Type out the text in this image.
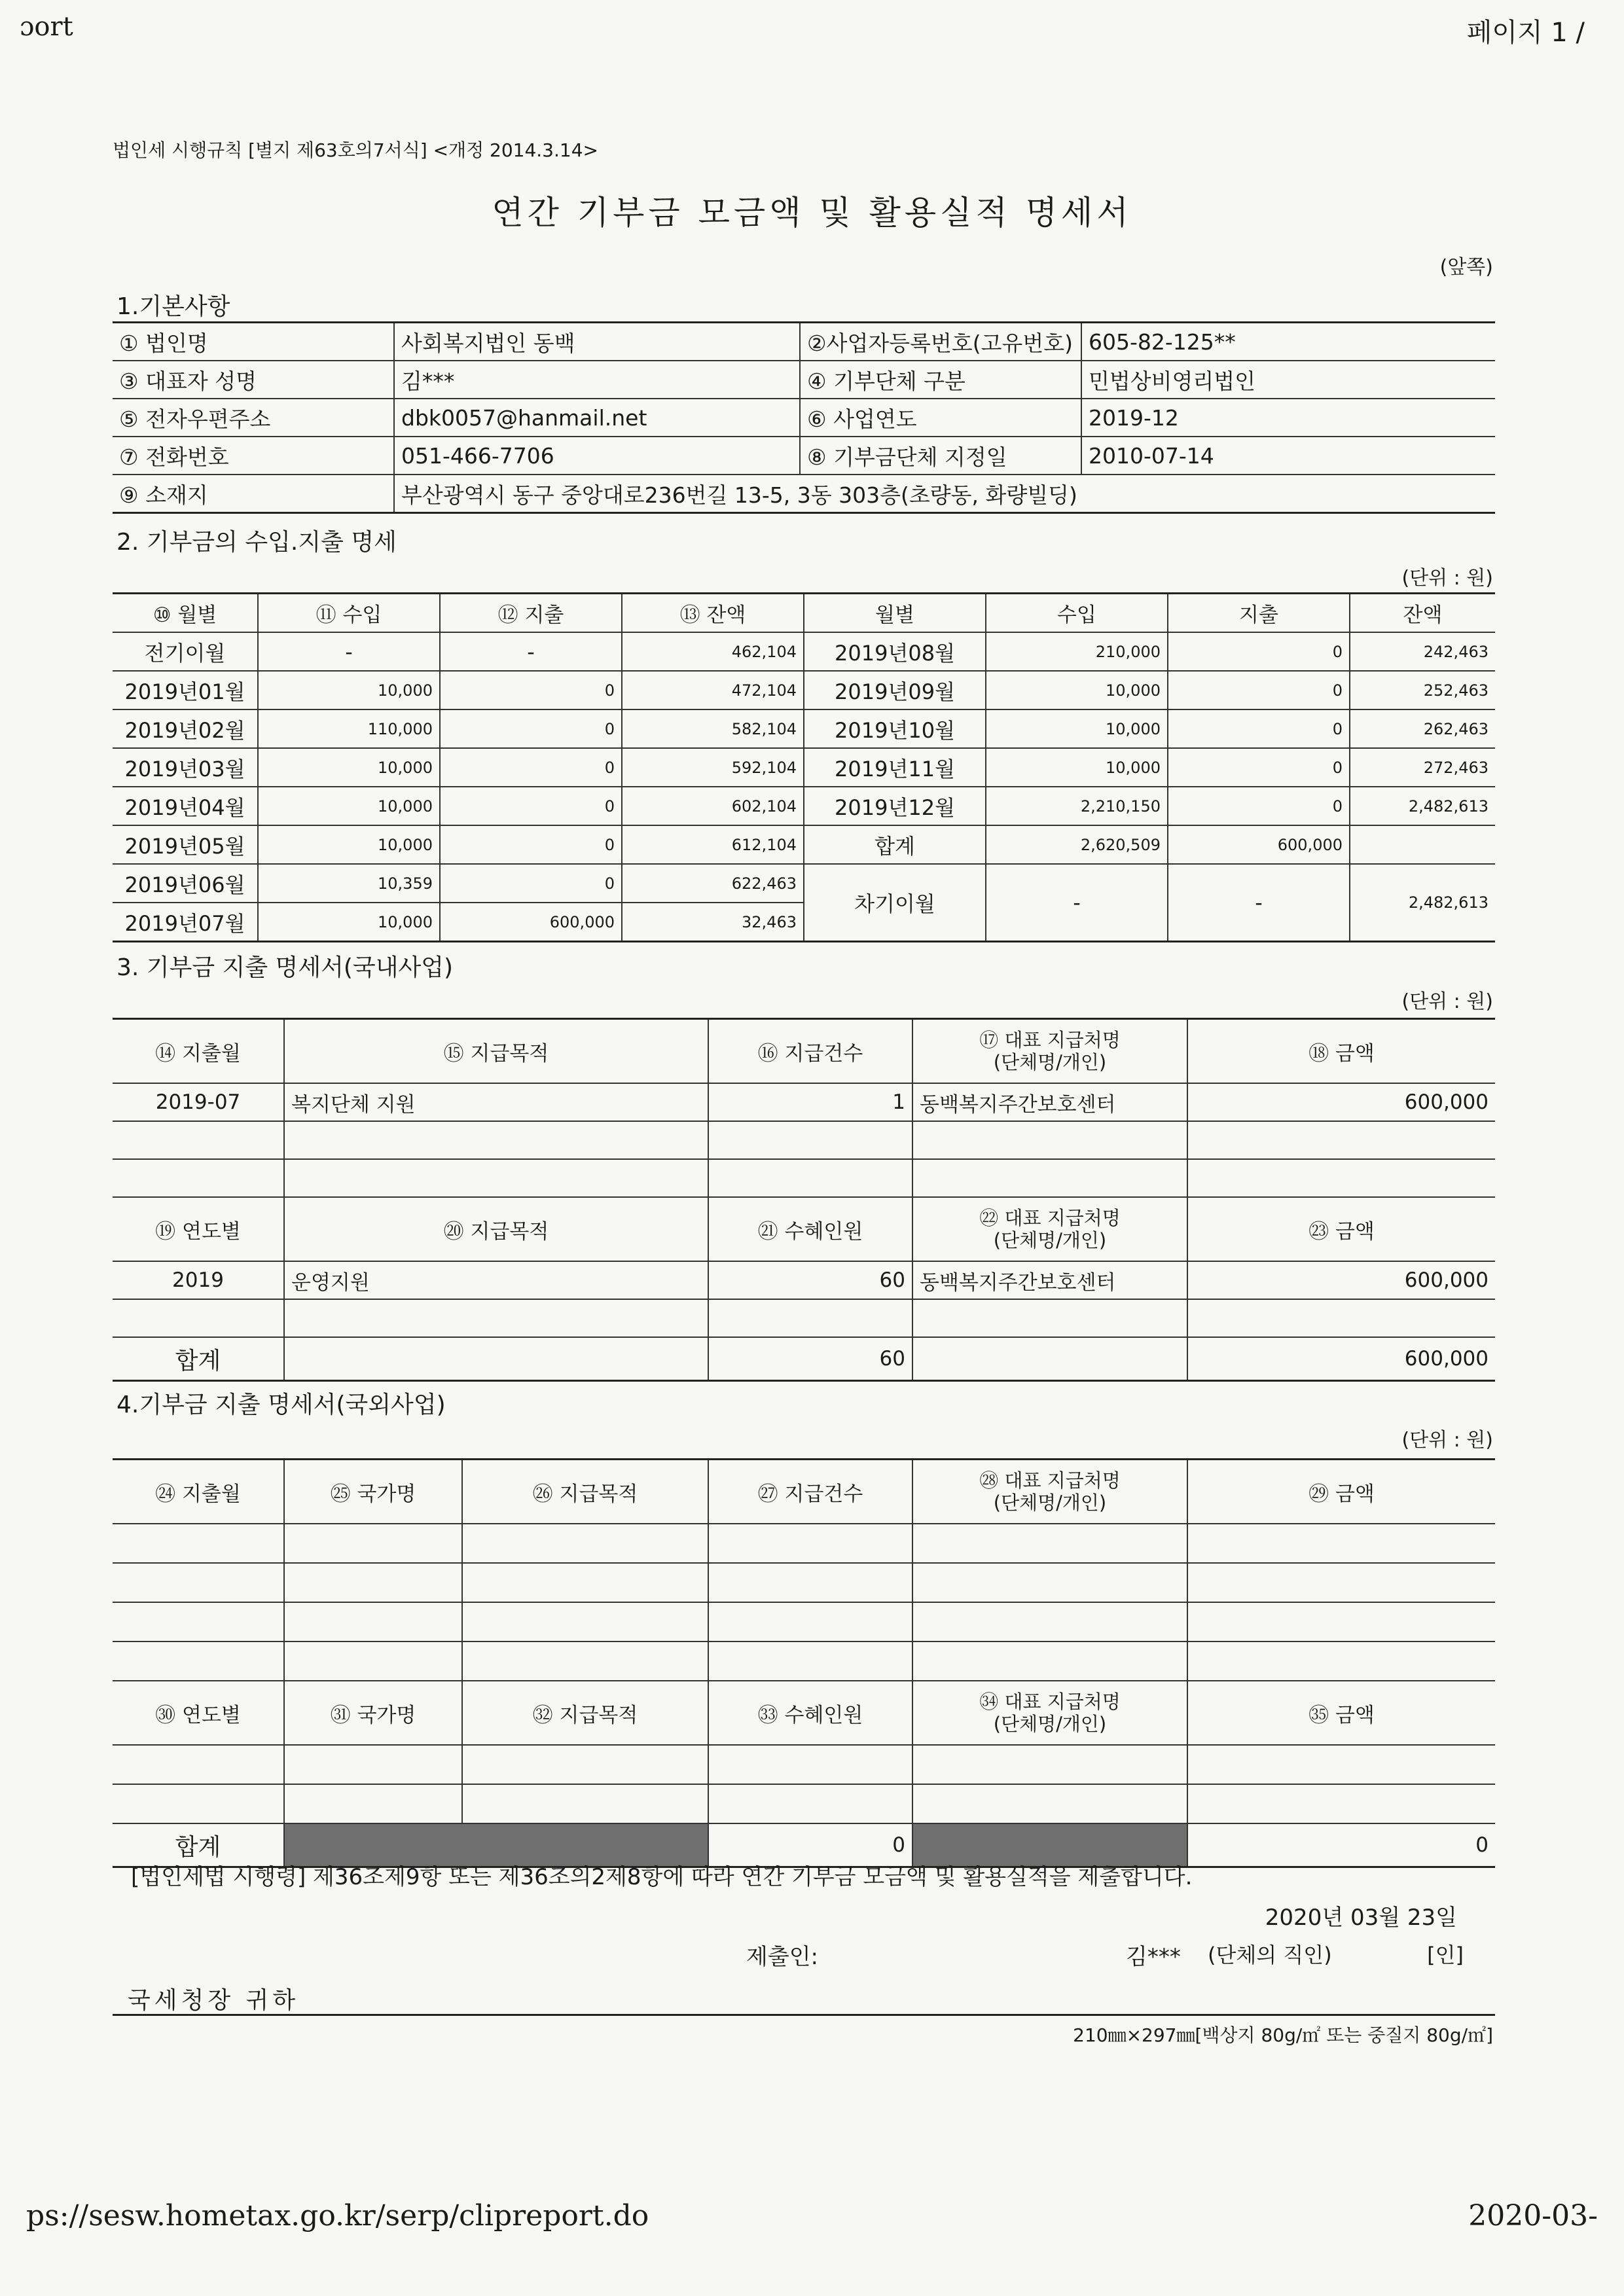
ɔort	페이지 1 /
법인세 시행규칙 [별지 제63호의7서식] <개정 2014.3.14>
연간 기부금 모금액 및 활용실적 명세서
(앞쪽)
1.기본사항
① 법인명	사회복지법인 동백	②사업자등록번호(고유번호)	605-82-125**
③ 대표자 성명	김***	④ 기부단체 구분	민법상비영리법인
⑤ 전자우편주소	dbk0057@hanmail.net	⑥ 사업연도	2019-12
⑦ 전화번호	051-466-7706	⑧ 기부금단체 지정일	2010-07-14
⑨ 소재지	부산광역시 동구 중앙대로236번길 13-5, 3동 303층(초량동, 화량빌딩)		
2. 기부금의 수입.지출 명세
(단위 : 원)
⑩ 월별	⑪ 수입	⑫ 지출	⑬ 잔액	월별	수입	지출	잔액
전기이월	-	-	462,104	2019년08월	210,000	0	242,463
2019년01월	10,000	0	472,104	2019년09월	10,000	0	252,463
2019년02월	110,000	0	582,104	2019년10월	10,000	0	262,463
2019년03월	10,000	0	592,104	2019년11월	10,000	0	272,463
2019년04월	10,000	0	602,104	2019년12월	2,210,150	0	2,482,613
2019년05월	10,000	0	612,104	합계	2,620,509	600,000	
2019년06월	10,359	0	622,463	차기이월	-	-	2,482,613
2019년07월	10,000	600,000	32,463				
3. 기부금 지출 명세서(국내사업)
(단위 : 원)
⑭ 지출월	⑮ 지급목적	⑯ 지급건수	⑰ 대표 지급처명
(단체명/개인)	⑱ 금액
2019-07	복지단체 지원	1	동백복지주간보호센터	600,000

⑲ 연도별	⑳ 지급목적	㉑ 수혜인원	㉒ 대표 지급처명
(단체명/개인)	㉓ 금액
2019	운영지원	60	동백복지주간보호센터	600,000

합계		60		600,000
4.기부금 지출 명세서(국외사업)
(단위 : 원)
㉔ 지출월	㉕ 국가명	㉖ 지급목적	㉗ 지급건수	㉘ 대표 지급처명
(단체명/개인)	㉙ 금액

㉚ 연도별	㉛ 국가명	㉜ 지급목적	㉝ 수혜인원	㉞ 대표 지급처명
(단체명/개인)	㉟ 금액

합계			0		0
[법인세법 시행령] 제36조제9항 또는 제36조의2제8항에 따라 연간 기부금 모금액 및 활용실적을 제출합니다.
2020년 03월 23일
제출인:	김*** (단체의 직인)	[인]
국세청장 귀하
210㎜×297㎜[백상지 80g/㎡ 또는 중질지 80g/㎡]
ps://sesw.hometax.go.kr/serp/clipreport.do	2020-03-
